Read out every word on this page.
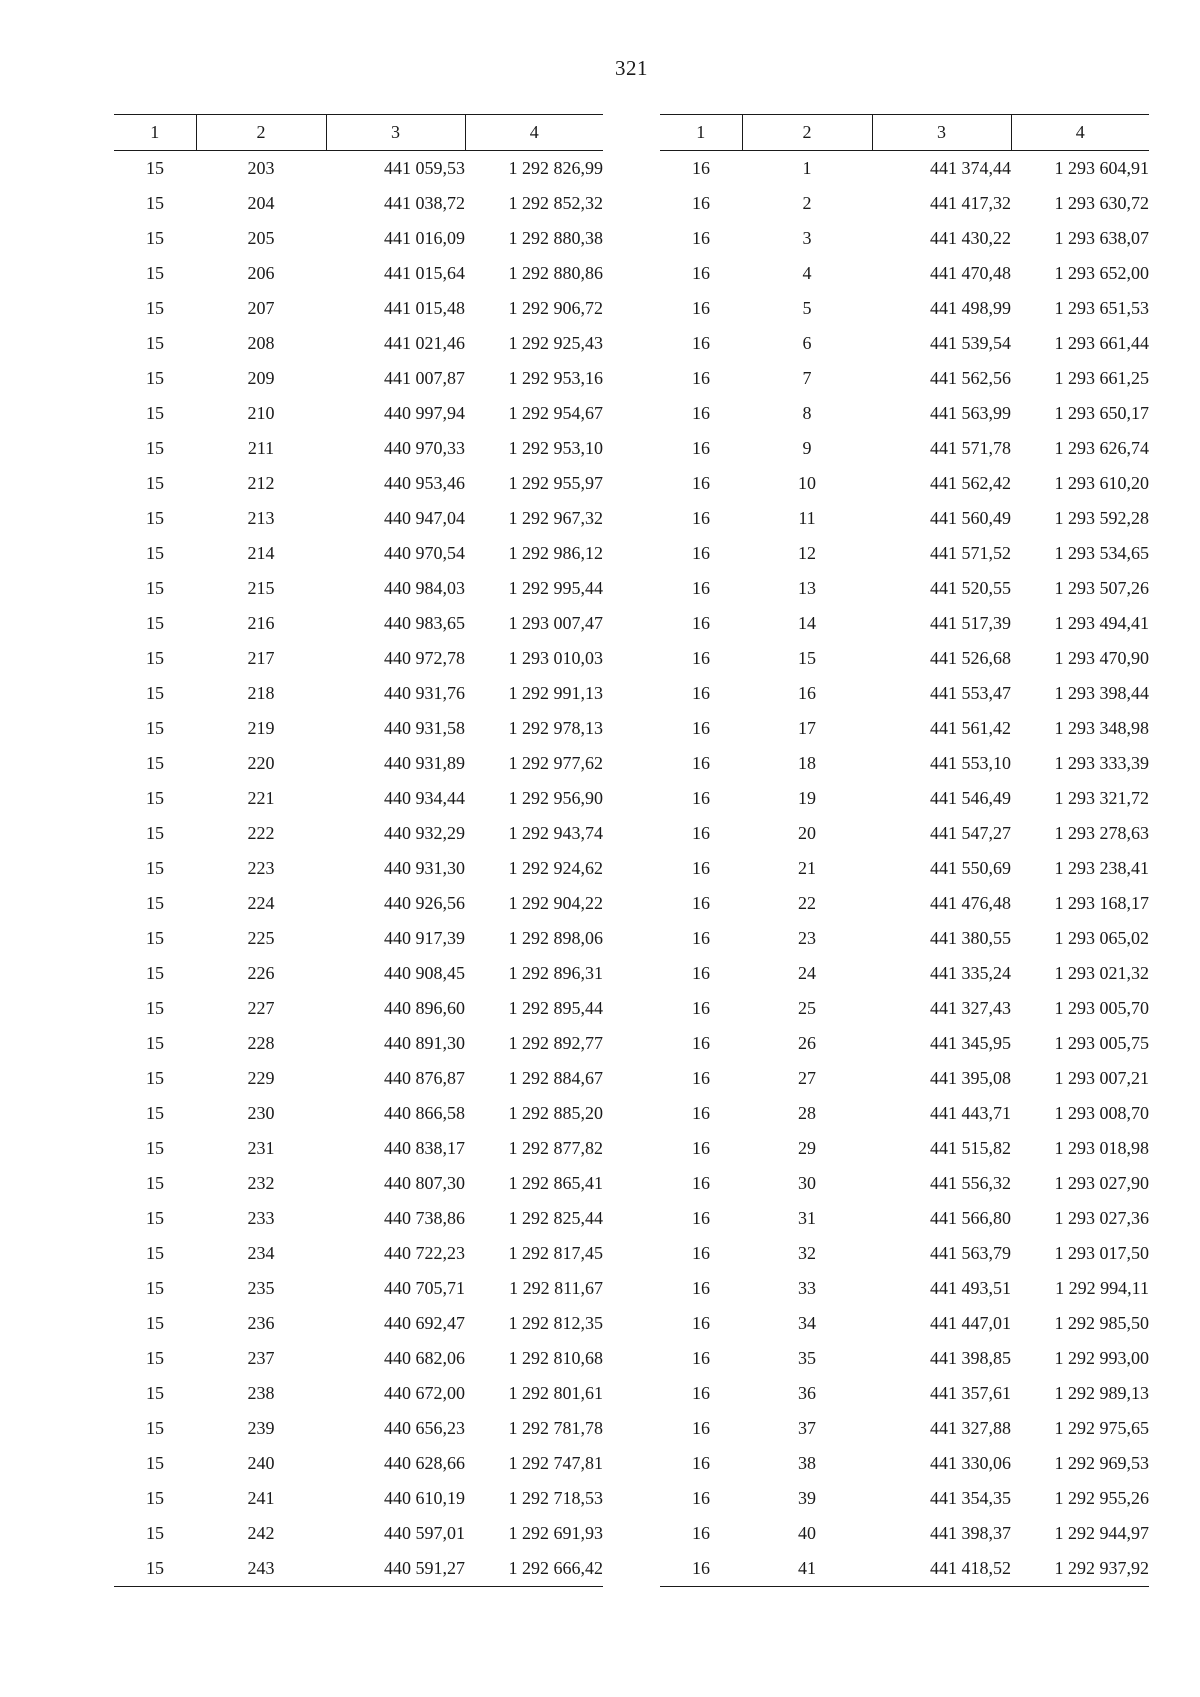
321
1	2	3	4
15	203	441 059,53	1 292 826,99
15	204	441 038,72	1 292 852,32
15	205	441 016,09	1 292 880,38
15	206	441 015,64	1 292 880,86
15	207	441 015,48	1 292 906,72
15	208	441 021,46	1 292 925,43
15	209	441 007,87	1 292 953,16
15	210	440 997,94	1 292 954,67
15	211	440 970,33	1 292 953,10
15	212	440 953,46	1 292 955,97
15	213	440 947,04	1 292 967,32
15	214	440 970,54	1 292 986,12
15	215	440 984,03	1 292 995,44
15	216	440 983,65	1 293 007,47
15	217	440 972,78	1 293 010,03
15	218	440 931,76	1 292 991,13
15	219	440 931,58	1 292 978,13
15	220	440 931,89	1 292 977,62
15	221	440 934,44	1 292 956,90
15	222	440 932,29	1 292 943,74
15	223	440 931,30	1 292 924,62
15	224	440 926,56	1 292 904,22
15	225	440 917,39	1 292 898,06
15	226	440 908,45	1 292 896,31
15	227	440 896,60	1 292 895,44
15	228	440 891,30	1 292 892,77
15	229	440 876,87	1 292 884,67
15	230	440 866,58	1 292 885,20
15	231	440 838,17	1 292 877,82
15	232	440 807,30	1 292 865,41
15	233	440 738,86	1 292 825,44
15	234	440 722,23	1 292 817,45
15	235	440 705,71	1 292 811,67
15	236	440 692,47	1 292 812,35
15	237	440 682,06	1 292 810,68
15	238	440 672,00	1 292 801,61
15	239	440 656,23	1 292 781,78
15	240	440 628,66	1 292 747,81
15	241	440 610,19	1 292 718,53
15	242	440 597,01	1 292 691,93
15	243	440 591,27	1 292 666,42
1	2	3	4
16	1	441 374,44	1 293 604,91
16	2	441 417,32	1 293 630,72
16	3	441 430,22	1 293 638,07
16	4	441 470,48	1 293 652,00
16	5	441 498,99	1 293 651,53
16	6	441 539,54	1 293 661,44
16	7	441 562,56	1 293 661,25
16	8	441 563,99	1 293 650,17
16	9	441 571,78	1 293 626,74
16	10	441 562,42	1 293 610,20
16	11	441 560,49	1 293 592,28
16	12	441 571,52	1 293 534,65
16	13	441 520,55	1 293 507,26
16	14	441 517,39	1 293 494,41
16	15	441 526,68	1 293 470,90
16	16	441 553,47	1 293 398,44
16	17	441 561,42	1 293 348,98
16	18	441 553,10	1 293 333,39
16	19	441 546,49	1 293 321,72
16	20	441 547,27	1 293 278,63
16	21	441 550,69	1 293 238,41
16	22	441 476,48	1 293 168,17
16	23	441 380,55	1 293 065,02
16	24	441 335,24	1 293 021,32
16	25	441 327,43	1 293 005,70
16	26	441 345,95	1 293 005,75
16	27	441 395,08	1 293 007,21
16	28	441 443,71	1 293 008,70
16	29	441 515,82	1 293 018,98
16	30	441 556,32	1 293 027,90
16	31	441 566,80	1 293 027,36
16	32	441 563,79	1 293 017,50
16	33	441 493,51	1 292 994,11
16	34	441 447,01	1 292 985,50
16	35	441 398,85	1 292 993,00
16	36	441 357,61	1 292 989,13
16	37	441 327,88	1 292 975,65
16	38	441 330,06	1 292 969,53
16	39	441 354,35	1 292 955,26
16	40	441 398,37	1 292 944,97
16	41	441 418,52	1 292 937,92
